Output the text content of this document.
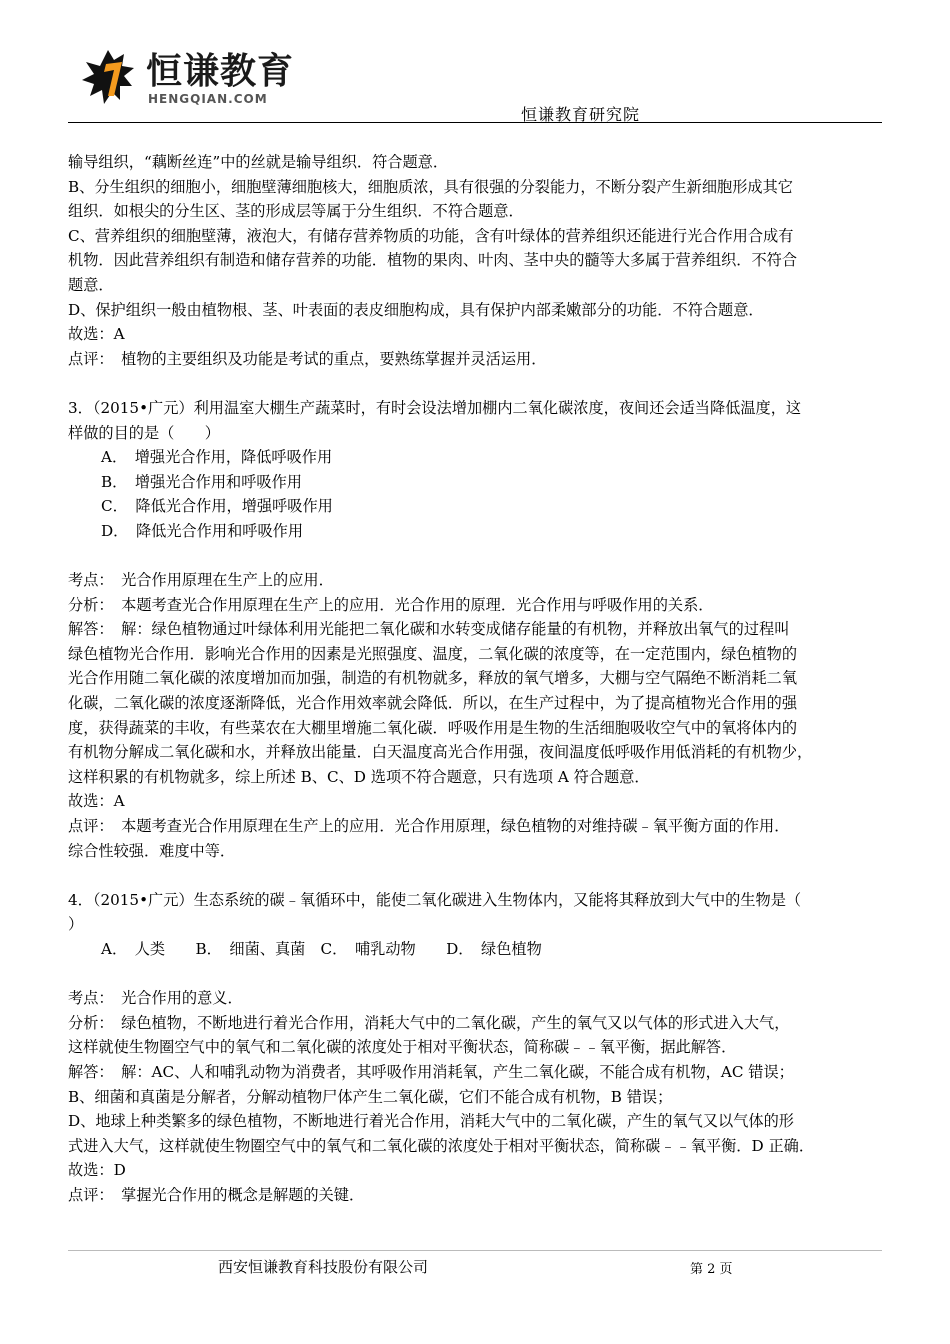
恒谦教育
HENGQIAN.COM
恒谦教育研究院

输导组织，“藕断丝连”中的丝就是输导组织．符合题意．

B、分生组织的细胞小，细胞壁薄细胞核大，细胞质浓，具有很强的分裂能力，不断分裂产生新细胞形成其它

组织．如根尖的分生区、茎的形成层等属于分生组织．不符合题意．

C、营养组织的细胞壁薄，液泡大，有储存营养物质的功能，含有叶绿体的营养组织还能进行光合作用合成有

机物．因此营养组织有制造和储存营养的功能．植物的果肉、叶肉、茎中央的髓等大多属于营养组织．不符合

题意．

D、保护组织一般由植物根、茎、叶表面的表皮细胞构成，具有保护内部柔嫩部分的功能．不符合题意．

故选：A

点评：　植物的主要组织及功能是考试的重点，要熟练掌握并灵活运用．

3．（2015•广元）利用温室大棚生产蔬菜时，有时会设法增加棚内二氧化碳浓度，夜间还会适当降低温度，这

样做的目的是（　　）

A．　增强光合作用，降低呼吸作用

B．　增强光合作用和呼吸作用

C．　降低光合作用，增强呼吸作用

D．　降低光合作用和呼吸作用

考点：　光合作用原理在生产上的应用．

分析：　本题考查光合作用原理在生产上的应用．光合作用的原理．光合作用与呼吸作用的关系．

解答：　解：绿色植物通过叶绿体利用光能把二氧化碳和水转变成储存能量的有机物，并释放出氧气的过程叫

绿色植物光合作用．影响光合作用的因素是光照强度、温度，二氧化碳的浓度等，在一定范围内，绿色植物的

光合作用随二氧化碳的浓度增加而加强，制造的有机物就多，释放的氧气增多，大棚与空气隔绝不断消耗二氧

化碳，二氧化碳的浓度逐渐降低，光合作用效率就会降低．所以，在生产过程中，为了提高植物光合作用的强

度，获得蔬菜的丰收，有些菜农在大棚里增施二氧化碳．呼吸作用是生物的生活细胞吸收空气中的氧将体内的

有机物分解成二氧化碳和水，并释放出能量．白天温度高光合作用强，夜间温度低呼吸作用低消耗的有机物少，

这样积累的有机物就多，综上所述 B、C、D 选项不符合题意，只有选项 A 符合题意．

故选：A

点评：　本题考查光合作用原理在生产上的应用．光合作用原理，绿色植物的对维持碳﹣氧平衡方面的作用．

综合性较强．难度中等．

4．（2015•广元）生态系统的碳﹣氧循环中，能使二氧化碳进入生物体内，又能将其释放到大气中的生物是（

）

A．　人类　　B．　细菌、真菌　C．　哺乳动物　　D．　绿色植物

考点：　光合作用的意义．

分析：　绿色植物，不断地进行着光合作用，消耗大气中的二氧化碳，产生的氧气又以气体的形式进入大气，

这样就使生物圈空气中的氧气和二氧化碳的浓度处于相对平衡状态，简称碳﹣﹣氧平衡，据此解答．

解答：　解：AC、人和哺乳动物为消费者，其呼吸作用消耗氧，产生二氧化碳，不能合成有机物，AC 错误；

B、细菌和真菌是分解者，分解动植物尸体产生二氧化碳，它们不能合成有机物，B 错误；

D、地球上种类繁多的绿色植物，不断地进行着光合作用，消耗大气中的二氧化碳，产生的氧气又以气体的形

式进入大气，这样就使生物圈空气中的氧气和二氧化碳的浓度处于相对平衡状态，简称碳﹣﹣氧平衡．D 正确．

故选：D

点评：　掌握光合作用的概念是解题的关键．

西安恒谦教育科技股份有限公司	第 2 页
